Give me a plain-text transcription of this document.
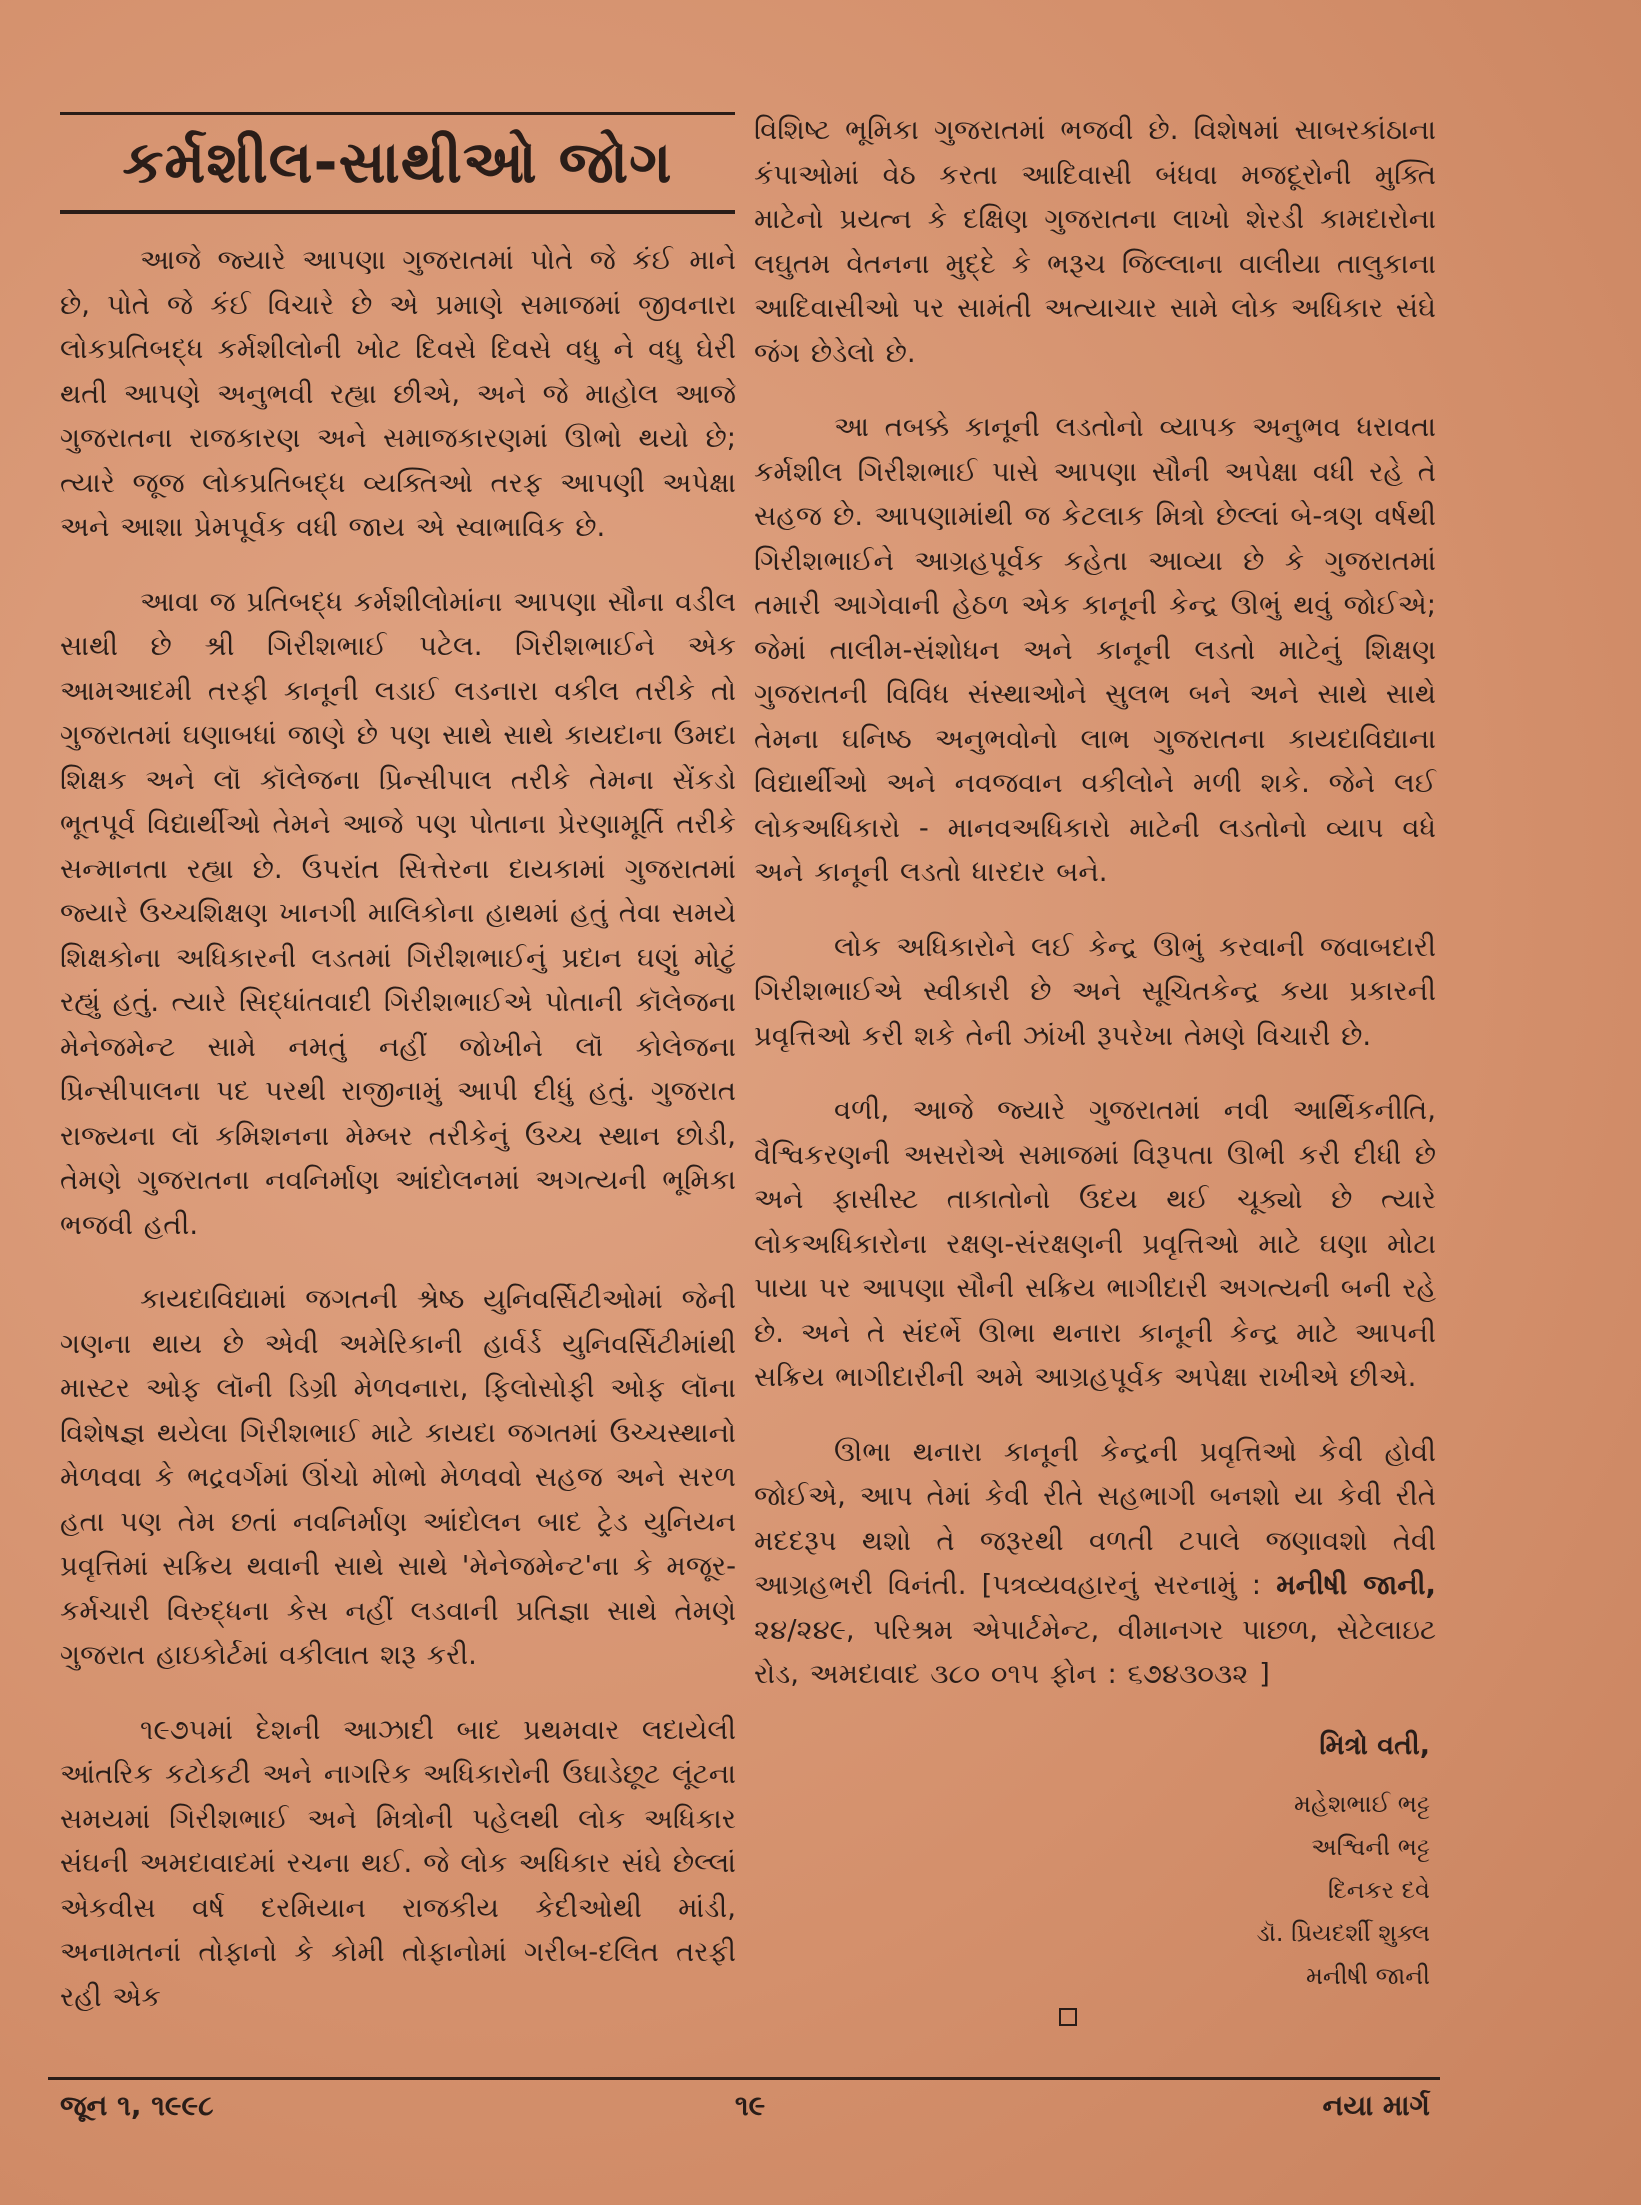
કર્મશીલ-સાથીઓ જોગ

આજે જ્યારે આપણા ગુજરાતમાં પોતે જે કંઈ માને છે, પોતે જે કંઈ વિચારે છે એ પ્રમાણે સમાજમાં જીવનારા લોકપ્રતિબદ્ધ કર્મશીલોની ખોટ દિવસે દિવસે વધુ ને વધુ ઘેરી થતી આપણે અનુભવી રહ્યા છીએ, અને જે માહોલ આજે ગુજરાતના રાજકારણ અને સમાજકારણમાં ઊભો થયો છે; ત્યારે જૂજ લોકપ્રતિબદ્ધ વ્યક્તિઓ તરફ આપણી અપેક્ષા અને આશા પ્રેમપૂર્વક વધી જાય એ સ્વાભાવિક છે.

આવા જ પ્રતિબદ્ધ કર્મશીલોમાંના આપણા સૌના વડીલ સાથી છે શ્રી ગિરીશભાઈ પટેલ. ગિરીશભાઈને એક આમઆદમી તરફી કાનૂની લડાઈ લડનારા વકીલ તરીકે તો ગુજરાતમાં ઘણાબધાં જાણે છે પણ સાથે સાથે કાયદાના ઉમદા શિક્ષક અને લૉ કૉલેજના પ્રિન્સીપાલ તરીકે તેમના સેંકડો ભૂતપૂર્વ વિદ્યાર્થીઓ તેમને આજે પણ પોતાના પ્રેરણામૂર્તિ તરીકે સન્માનતા રહ્યા છે. ઉપરાંત સિત્તેરના દાયકામાં ગુજરાતમાં જ્યારે ઉચ્ચશિક્ષણ ખાનગી માલિકોના હાથમાં હતું તેવા સમયે શિક્ષકોના અધિકારની લડતમાં ગિરીશભાઈનું પ્રદાન ઘણું મોટું રહ્યું હતું. ત્યારે સિદ્ધાંતવાદી ગિરીશભાઈએ પોતાની કૉલેજના મેનેજમેન્ટ સામે નમતું નહીં જોખીને લૉ કોલેજના પ્રિન્સીપાલના પદ પરથી રાજીનામું આપી દીધું હતું. ગુજરાત રાજ્યના લૉ કમિશનના મેમ્બર તરીકેનું ઉચ્ચ સ્થાન છોડી, તેમણે ગુજરાતના નવનિર્માણ આંદોલનમાં અગત્યની ભૂમિકા ભજવી હતી.

કાયદાવિદ્યામાં જગતની શ્રેષ્ઠ યુનિવર્સિટીઓમાં જેની ગણના થાય છે એવી અમેરિકાની હાર્વર્ડ યુનિવર્સિટીમાંથી માસ્ટર ઓફ લૉની ડિગ્રી મેળવનારા, ફિલોસોફી ઓફ લૉના વિશેષજ્ઞ થયેલા ગિરીશભાઈ માટે કાયદા જગતમાં ઉચ્ચસ્થાનો મેળવવા કે ભદ્રવર્ગમાં ઊંચો મોભો મેળવવો સહજ અને સરળ હતા પણ તેમ છતાં નવનિર્માણ આંદોલન બાદ ટ્રેડ યુનિયન પ્રવૃત્તિમાં સક્રિય થવાની સાથે સાથે 'મેનેજમેન્ટ'ના કે મજૂર-કર્મચારી વિરુદ્ધના કેસ નહીં લડવાની પ્રતિજ્ઞા સાથે તેમણે ગુજરાત હાઇકોર્ટમાં વકીલાત શરૂ કરી.

૧૯૭૫માં દેશની આઝાદી બાદ પ્રથમવાર લદાયેલી આંતરિક કટોકટી અને નાગરિક અધિકારોની ઉઘાડેછૂટ લૂંટના સમયમાં ગિરીશભાઈ અને મિત્રોની પહેલથી લોક અધિકાર સંઘની અમદાવાદમાં રચના થઈ. જે લોક અધિકાર સંઘે છેલ્લાં એકવીસ વર્ષ દરમિયાન રાજકીય કેદીઓથી માંડી, અનામતનાં તોફાનો કે કોમી તોફાનોમાં ગરીબ-દલિત તરફી રહી એક

વિશિષ્ટ ભૂમિકા ગુજરાતમાં ભજવી છે. વિશેષમાં સાબરકાંઠાના કંપાઓમાં વેઠ કરતા આદિવાસી બંધવા મજદૂરોની મુક્તિ માટેનો પ્રયત્ન કે દક્ષિણ ગુજરાતના લાખો શેરડી કામદારોના લઘુતમ વેતનના મુદ્દે કે ભરૂચ જિલ્લાના વાલીયા તાલુકાના આદિવાસીઓ પર સામંતી અત્યાચાર સામે લોક અધિકાર સંઘે જંગ છેડેલો છે.

આ તબક્કે કાનૂની લડતોનો વ્યાપક અનુભવ ધરાવતા કર્મશીલ ગિરીશભાઈ પાસે આપણા સૌની અપેક્ષા વધી રહે તે સહજ છે. આપણામાંથી જ કેટલાક મિત્રો છેલ્લાં બે-ત્રણ વર્ષથી ગિરીશભાઈને આગ્રહપૂર્વક કહેતા આવ્યા છે કે ગુજરાતમાં તમારી આગેવાની હેઠળ એક કાનૂની કેન્દ્ર ઊભું થવું જોઈએ; જેમાં તાલીમ-સંશોધન અને કાનૂની લડતો માટેનું શિક્ષણ ગુજરાતની વિવિધ સંસ્થાઓને સુલભ બને અને સાથે સાથે તેમના ઘનિષ્ઠ અનુભવોનો લાભ ગુજરાતના કાયદાવિદ્યાના વિદ્યાર્થીઓ અને નવજવાન વકીલોને મળી શકે. જેને લઈ લોકઅધિકારો - માનવઅધિકારો માટેની લડતોનો વ્યાપ વધે અને કાનૂની લડતો ધારદાર બને.

લોક અધિકારોને લઈ કેન્દ્ર ઊભું કરવાની જવાબદારી ગિરીશભાઈએ સ્વીકારી છે અને સૂચિતકેન્દ્ર કયા પ્રકારની પ્રવૃત્તિઓ કરી શકે તેની ઝાંખી રૂપરેખા તેમણે વિચારી છે.

વળી, આજે જ્યારે ગુજરાતમાં નવી આર્થિકનીતિ, વૈશ્વિકરણની અસરોએ સમાજમાં વિરૂપતા ઊભી કરી દીધી છે અને ફાસીસ્ટ તાકાતોનો ઉદય થઈ ચૂક્યો છે ત્યારે લોકઅધિકારોના રક્ષણ-સંરક્ષણની પ્રવૃત્તિઓ માટે ઘણા મોટા પાયા પર આપણા સૌની સક્રિય ભાગીદારી અગત્યની બની રહે છે. અને તે સંદર્ભે ઊભા થનારા કાનૂની કેન્દ્ર માટે આપની સક્રિય ભાગીદારીની અમે આગ્રહપૂર્વક અપેક્ષા રાખીએ છીએ.

ઊભા થનારા કાનૂની કેન્દ્રની પ્રવૃત્તિઓ કેવી હોવી જોઈએ, આપ તેમાં કેવી રીતે સહભાગી બનશો યા કેવી રીતે મદદરૂપ થશો તે જરૂરથી વળતી ટપાલે જણાવશો તેવી આગ્રહભરી વિનંતી. [પત્રવ્યવહારનું સરનામું : મનીષી જાની, ૨૪/૨૪૯, પરિશ્રમ એપાર્ટમેન્ટ, વીમાનગર પાછળ, સેટેલાઇટ રોડ, અમદાવાદ ૩૮૦ ૦૧૫ ફોન : ૬૭૪૩૦૩૨ ]

મિત્રો વતી,
મહેશભાઈ ભટ્ટ
અશ્વિની ભટ્ટ
દિનકર દવે
ડૉ. પ્રિયદર્શી શુક્લ
મનીષી જાની
જૂન ૧, ૧૯૯૮	૧૯	નયા માર્ગ
